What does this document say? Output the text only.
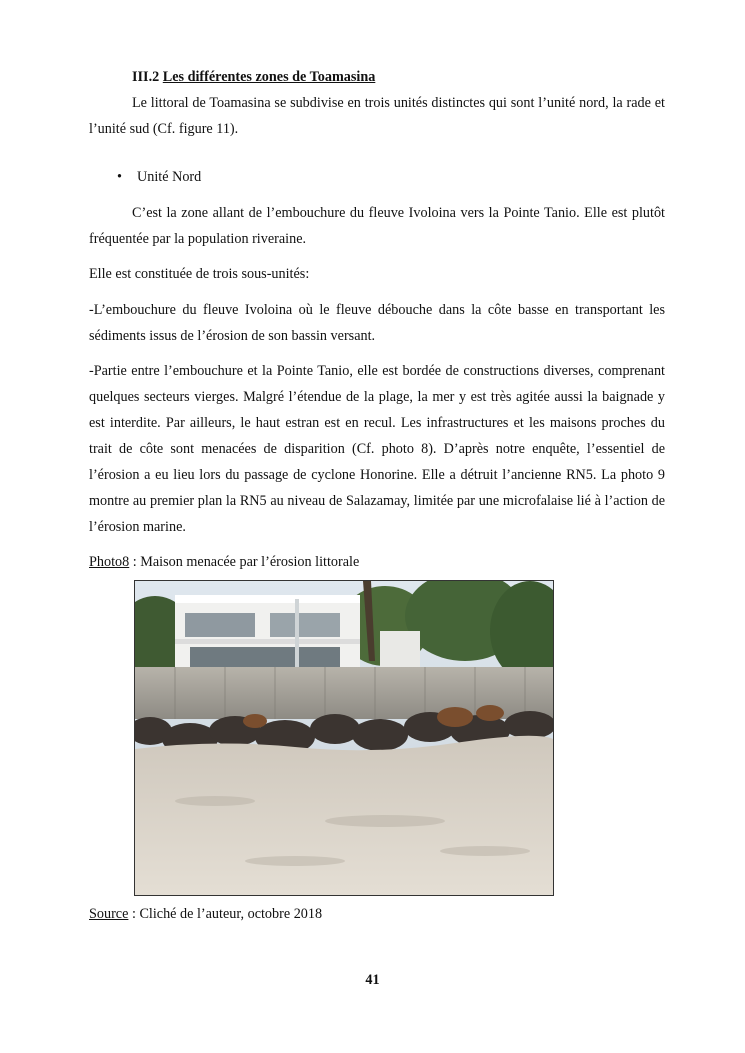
III.2 Les différentes zones de Toamasina

Le littoral de Toamasina se subdivise en trois unités distinctes qui sont l’unité nord, la rade et l’unité sud (Cf. figure 11).

• Unité Nord

C’est la zone allant de l’embouchure du fleuve Ivoloina vers la Pointe Tanio. Elle est plutôt fréquentée par la population riveraine.

Elle est constituée de trois sous-unités:

-L’embouchure du fleuve Ivoloina où le fleuve débouche dans la côte basse en transportant les sédiments issus de l’érosion de son bassin versant.

-Partie entre l’embouchure et la Pointe Tanio, elle est bordée de constructions diverses, comprenant quelques secteurs vierges. Malgré l’étendue de la plage, la mer y est très agitée aussi la baignade y est interdite. Par ailleurs, le haut estran est en recul. Les infrastructures et les maisons proches du trait de côte sont menacées de disparition (Cf. photo 8). D’après notre enquête, l’essentiel de l’érosion a eu lieu lors du passage de cyclone Honorine. Elle a détruit l’ancienne RN5. La photo 9 montre au premier plan la RN5 au niveau de Salazamay, limitée par une microfalaise lié à l’action de l’érosion marine.

Photo8 : Maison menacée par l’érosion littorale
Source : Cliché de l’auteur, octobre 2018
41
